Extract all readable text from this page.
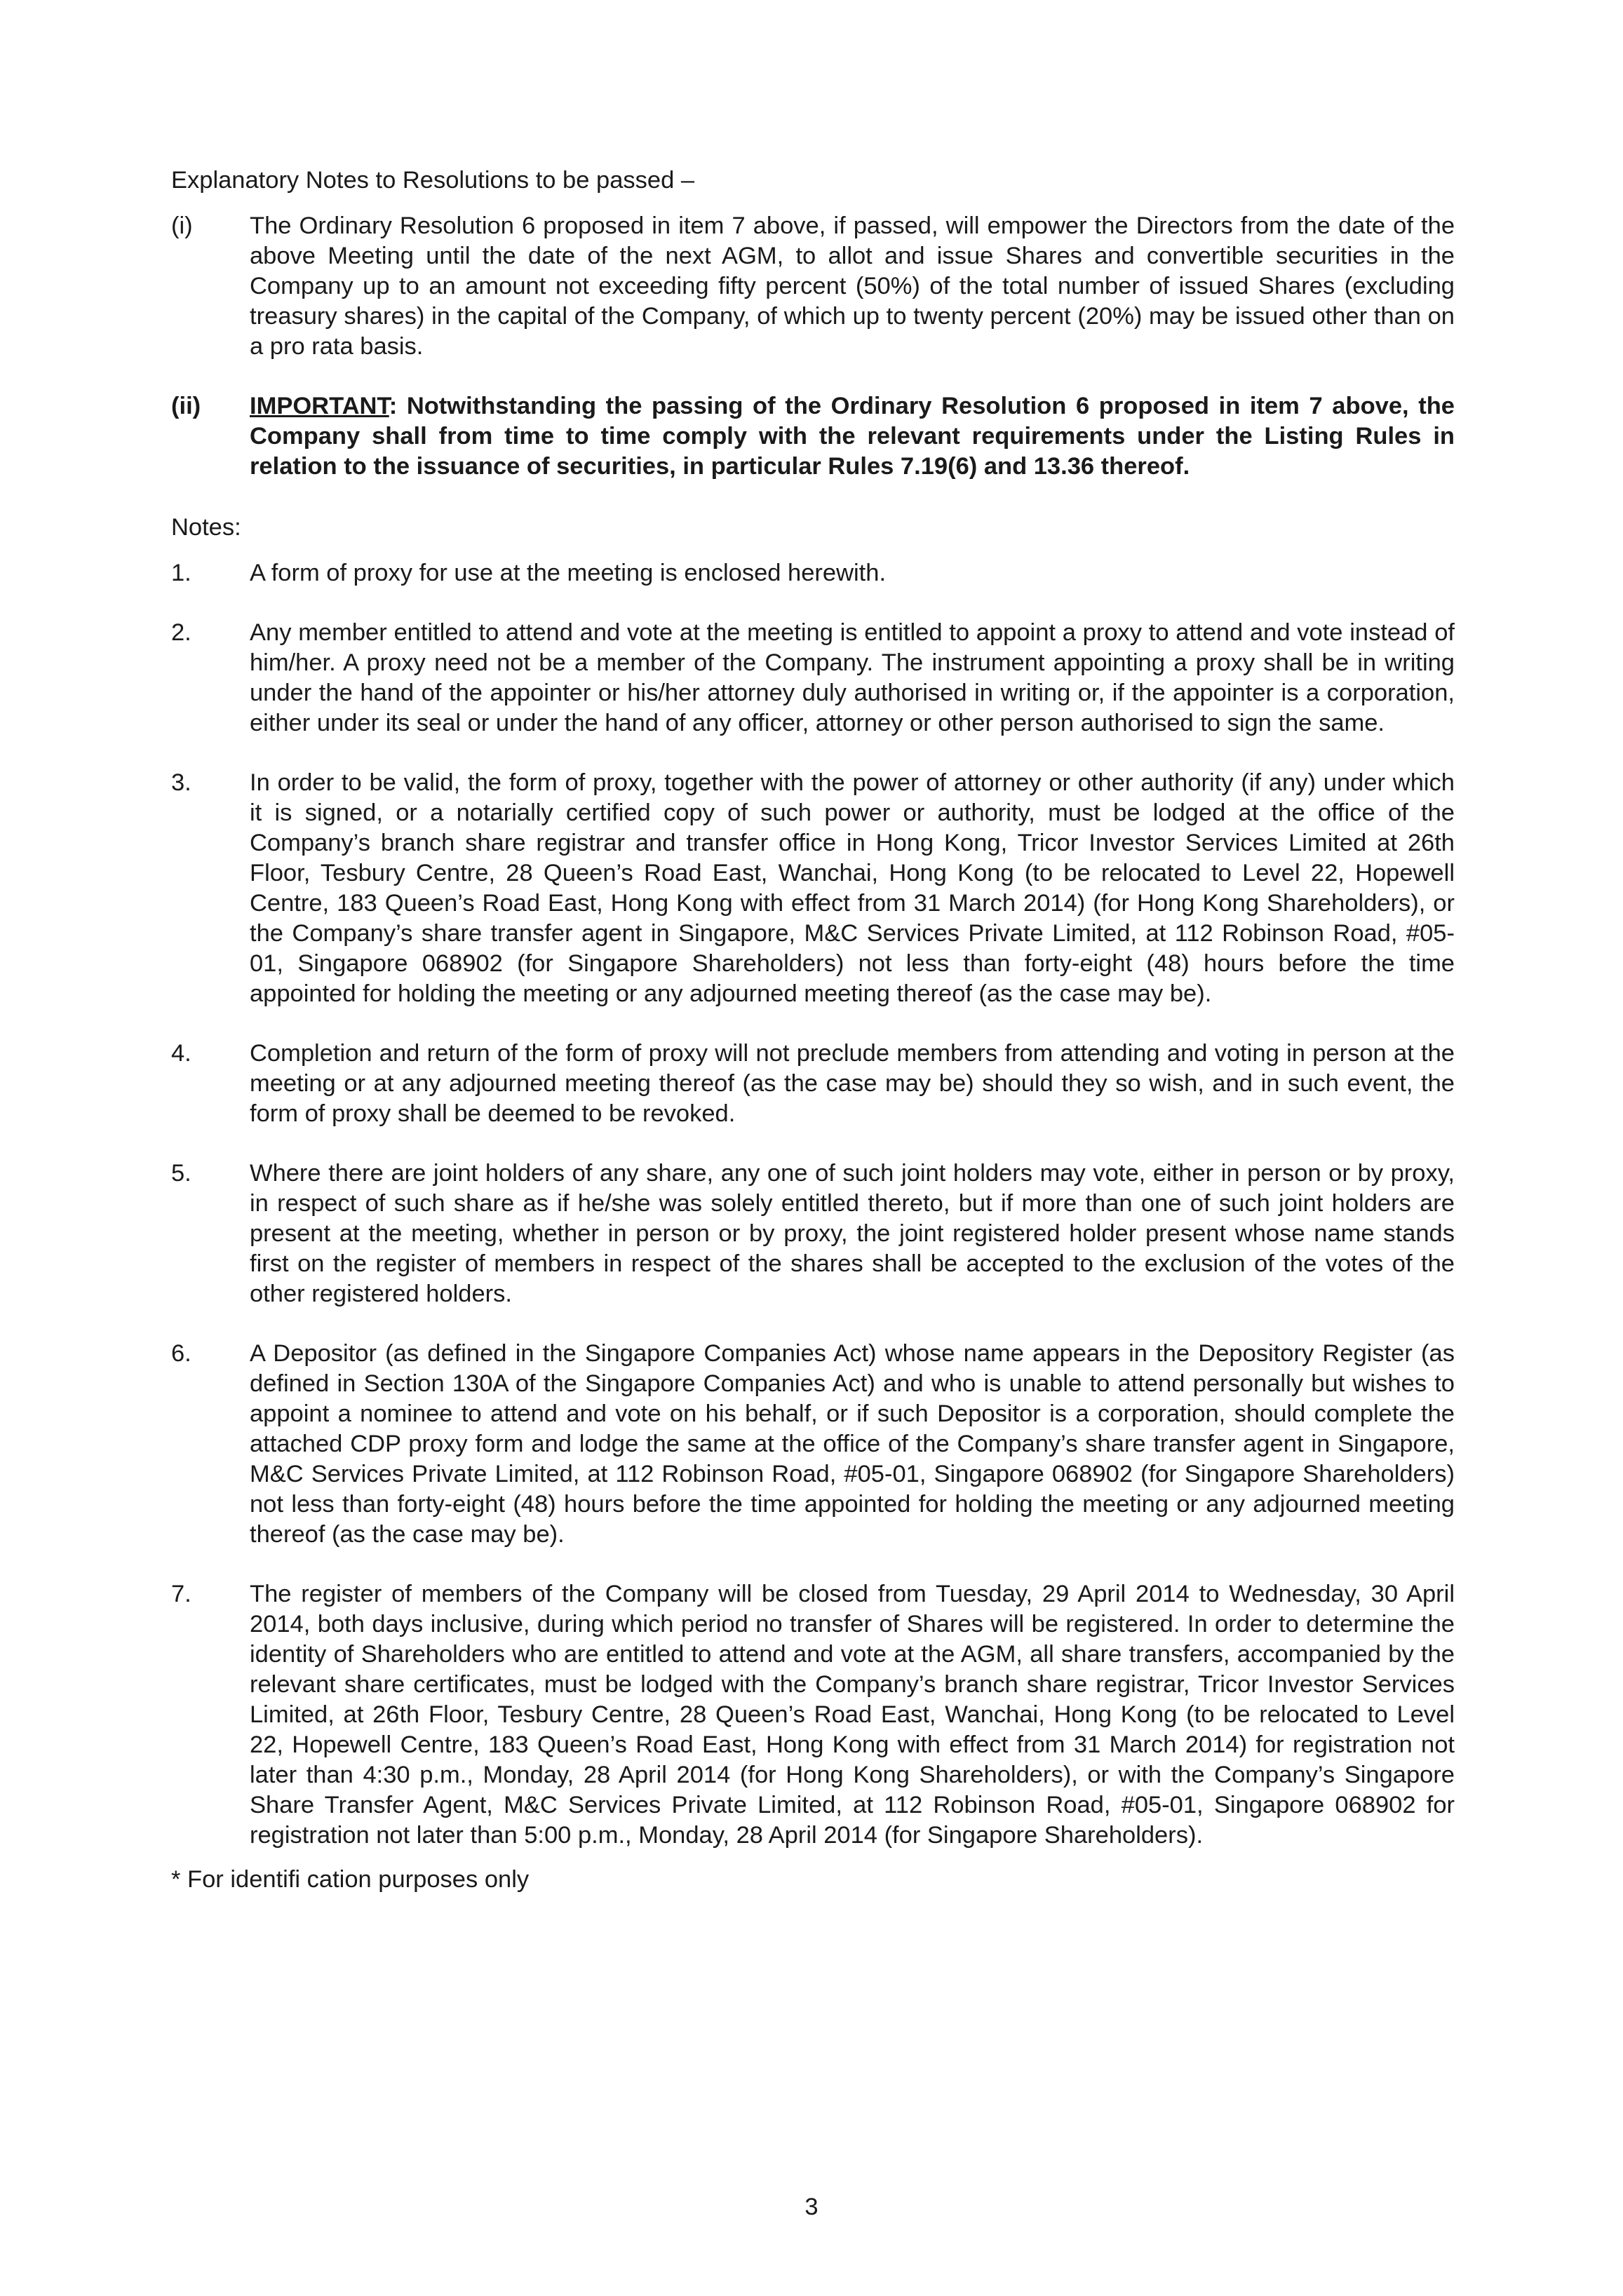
Explanatory Notes to Resolutions to be passed –

(i)	The Ordinary Resolution 6 proposed in item 7 above, if passed, will empower the Directors from the date of the above Meeting until the date of the next AGM, to allot and issue Shares and convertible securities in the Company up to an amount not exceeding fifty percent (50%) of the total number of issued Shares (excluding treasury shares) in the capital of the Company, of which up to twenty percent (20%) may be issued other than on a pro rata basis.
(ii)	IMPORTANT: Notwithstanding the passing of the Ordinary Resolution 6 proposed in item 7 above, the Company shall from time to time comply with the relevant requirements under the Listing Rules in relation to the issuance of securities, in particular Rules 7.19(6) and 13.36 thereof.

Notes:

1.	A form of proxy for use at the meeting is enclosed herewith.
2.	Any member entitled to attend and vote at the meeting is entitled to appoint a proxy to attend and vote instead of him/her. A proxy need not be a member of the Company. The instrument appointing a proxy shall be in writing under the hand of the appointer or his/her attorney duly authorised in writing or, if the appointer is a corporation, either under its seal or under the hand of any officer, attorney or other person authorised to sign the same.
3.	In order to be valid, the form of proxy, together with the power of attorney or other authority (if any) under which it is signed, or a notarially certified copy of such power or authority, must be lodged at the office of the Company’s branch share registrar and transfer office in Hong Kong, Tricor Investor Services Limited at 26th Floor, Tesbury Centre, 28 Queen’s Road East, Wanchai, Hong Kong (to be relocated to Level 22, Hopewell Centre, 183 Queen’s Road East, Hong Kong with effect from 31 March 2014) (for Hong Kong Shareholders), or the Company’s share transfer agent in Singapore, M&C Services Private Limited, at 112 Robinson Road, #05-01, Singapore 068902 (for Singapore Shareholders) not less than forty-eight (48) hours before the time appointed for holding the meeting or any adjourned meeting thereof (as the case may be).
4.	Completion and return of the form of proxy will not preclude members from attending and voting in person at the meeting or at any adjourned meeting thereof (as the case may be) should they so wish, and in such event, the form of proxy shall be deemed to be revoked.
5.	Where there are joint holders of any share, any one of such joint holders may vote, either in person or by proxy, in respect of such share as if he/she was solely entitled thereto, but if more than one of such joint holders are present at the meeting, whether in person or by proxy, the joint registered holder present whose name stands first on the register of members in respect of the shares shall be accepted to the exclusion of the votes of the other registered holders.
6.	A Depositor (as defined in the Singapore Companies Act) whose name appears in the Depository Register (as defined in Section 130A of the Singapore Companies Act) and who is unable to attend personally but wishes to appoint a nominee to attend and vote on his behalf, or if such Depositor is a corporation, should complete the attached CDP proxy form and lodge the same at the office of the Company’s share transfer agent in Singapore, M&C Services Private Limited, at 112 Robinson Road, #05-01, Singapore 068902 (for Singapore Shareholders) not less than forty-eight (48) hours before the time appointed for holding the meeting or any adjourned meeting thereof (as the case may be).
7.	The register of members of the Company will be closed from Tuesday, 29 April 2014 to Wednesday, 30 April 2014, both days inclusive, during which period no transfer of Shares will be registered. In order to determine the identity of Shareholders who are entitled to attend and vote at the AGM, all share transfers, accompanied by the relevant share certificates, must be lodged with the Company’s branch share registrar, Tricor Investor Services Limited, at 26th Floor, Tesbury Centre, 28 Queen’s Road East, Wanchai, Hong Kong (to be relocated to Level 22, Hopewell Centre, 183 Queen’s Road East, Hong Kong with effect from 31 March 2014) for registration not later than 4:30 p.m., Monday, 28 April 2014 (for Hong Kong Shareholders), or with the Company’s Singapore Share Transfer Agent, M&C Services Private Limited, at 112 Robinson Road, #05-01, Singapore 068902 for registration not later than 5:00 p.m., Monday, 28 April 2014 (for Singapore Shareholders).

* For identifi cation purposes only

3
